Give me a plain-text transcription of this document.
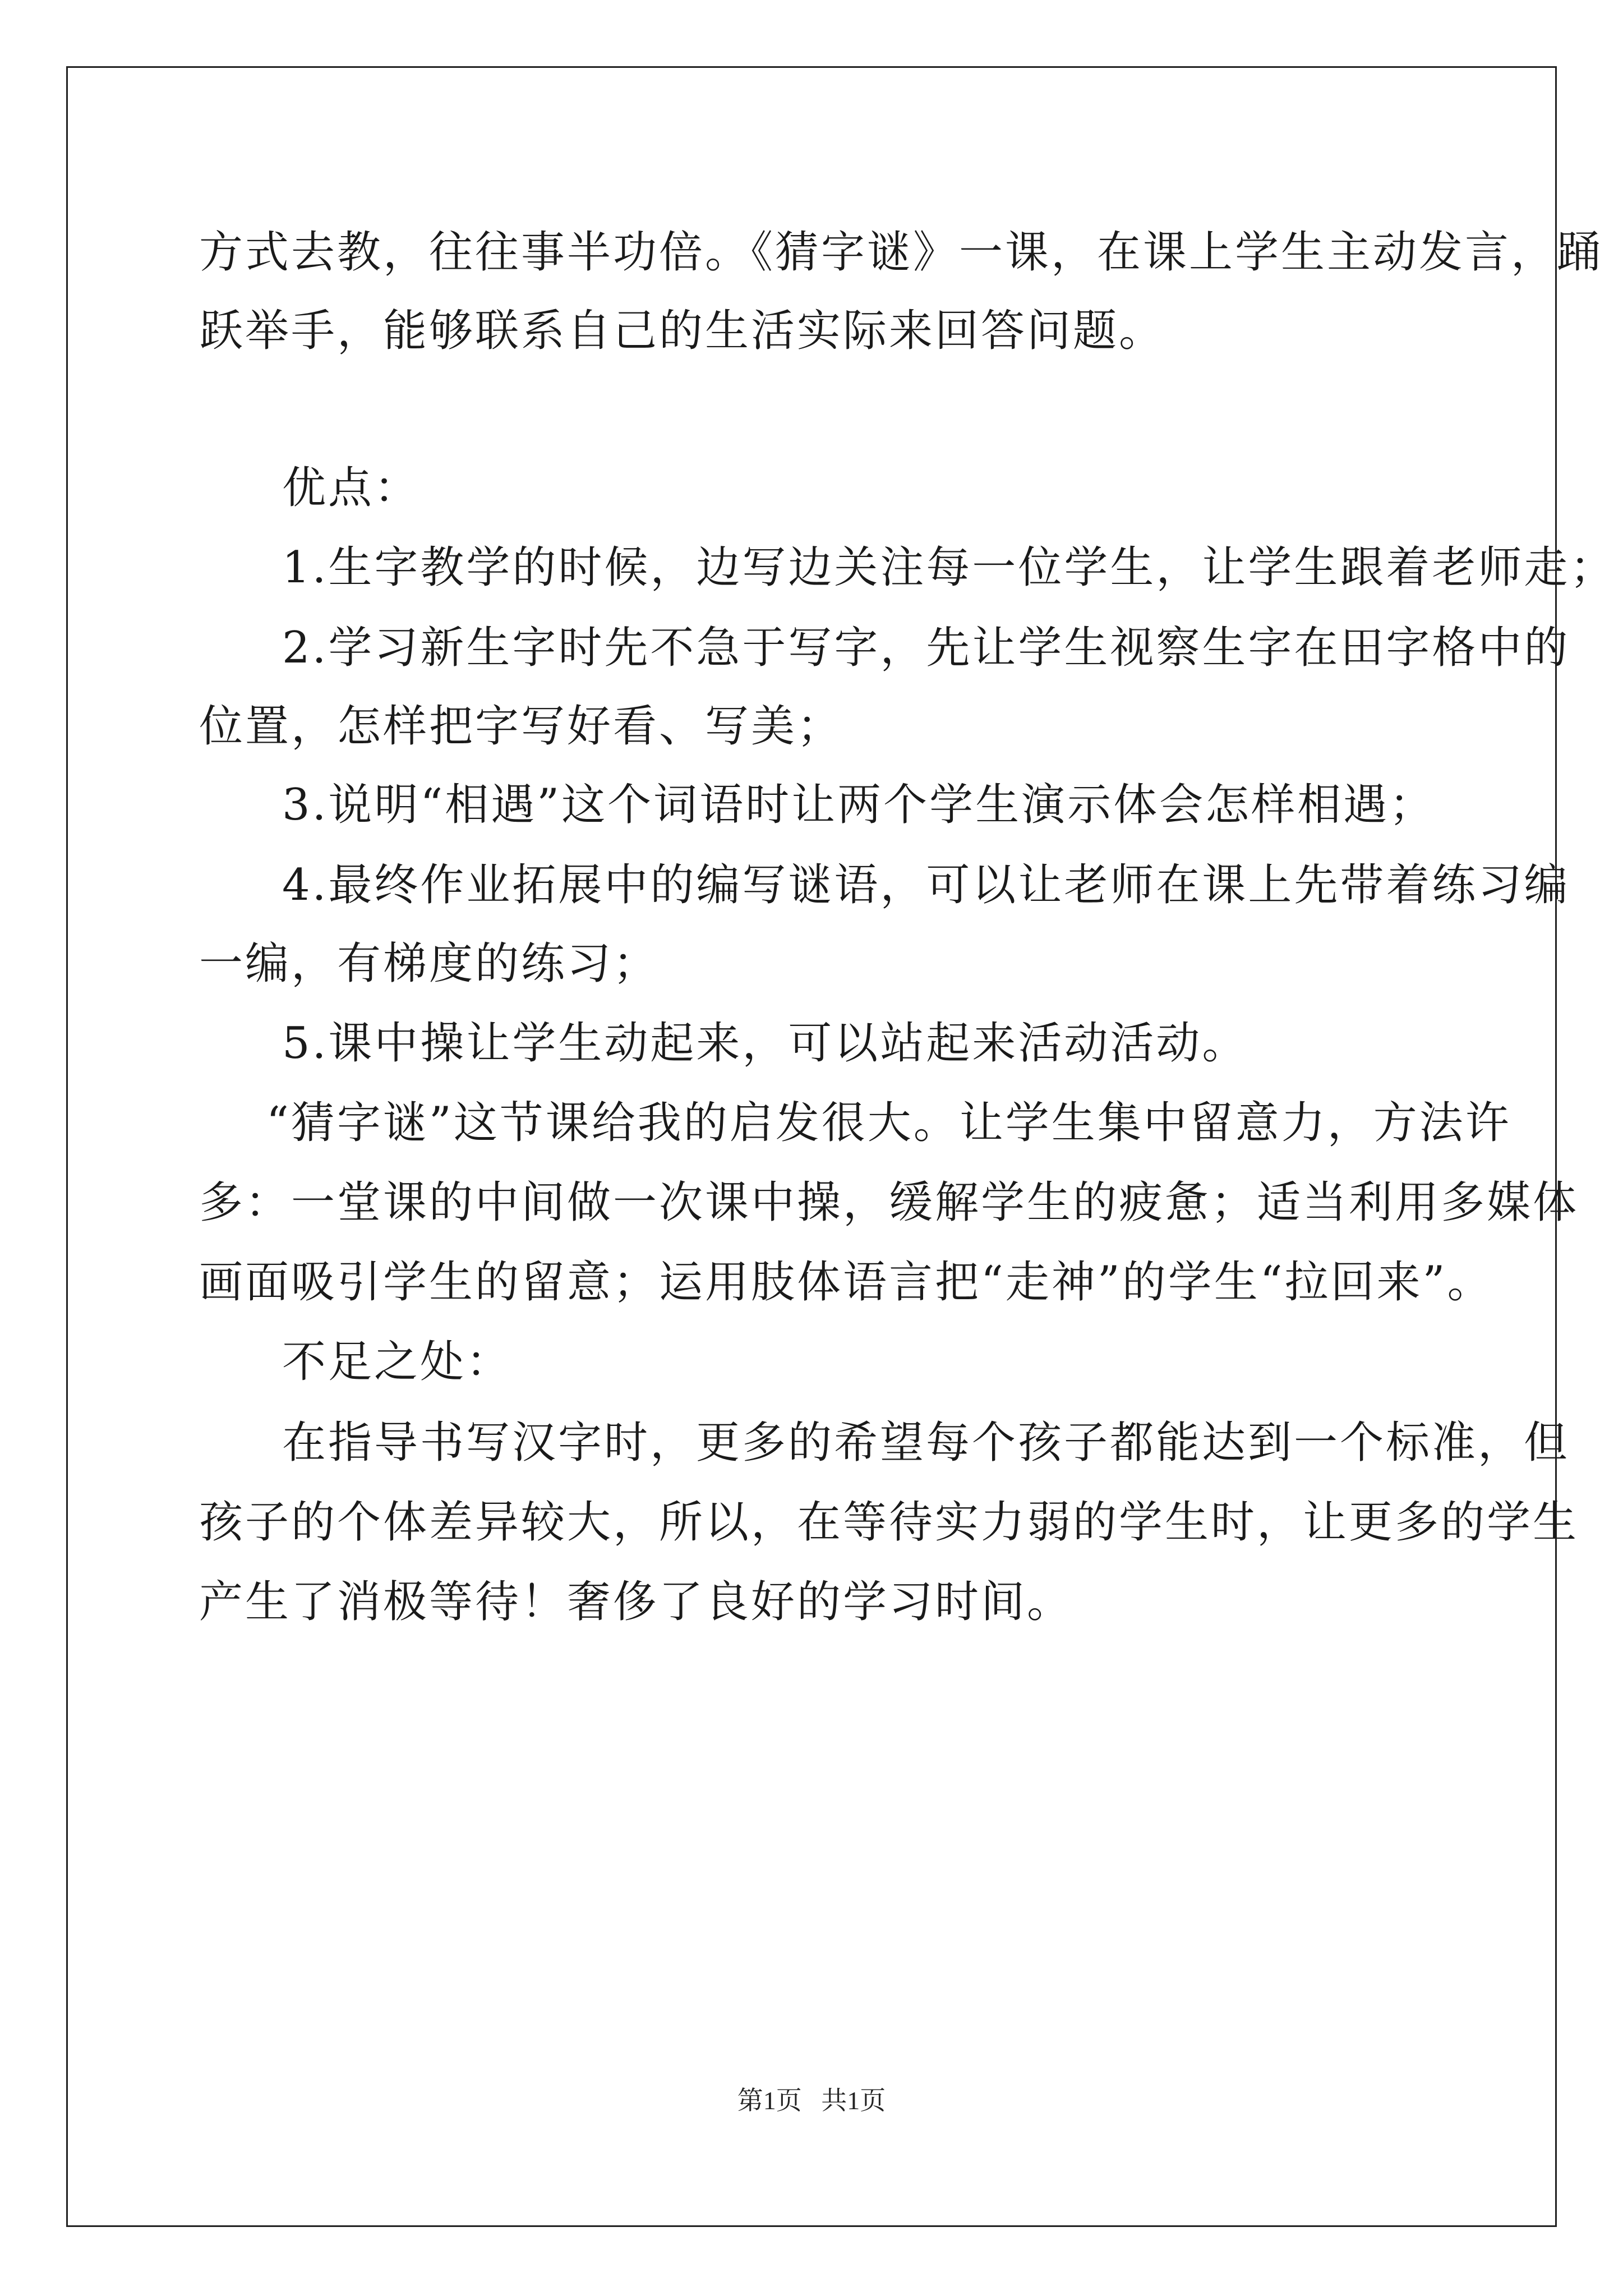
方式去教，往往事半功倍。《猜字谜》一课，在课上学生主动发言，踊
跃举手，能够联系自己的生活实际来回答问题。
优点：
1.生字教学的时候，边写边关注每一位学生，让学生跟着老师走；
2.学习新生字时先不急于写字，先让学生视察生字在田字格中的
位置，怎样把字写好看、写美；
3.说明“相遇”这个词语时让两个学生演示体会怎样相遇；
4.最终作业拓展中的编写谜语，可以让老师在课上先带着练习编
一编，有梯度的练习；
5.课中操让学生动起来，可以站起来活动活动。
“猜字谜”这节课给我的启发很大。让学生集中留意力，方法许
多：一堂课的中间做一次课中操，缓解学生的疲惫；适当利用多媒体
画面吸引学生的留意；运用肢体语言把“走神”的学生“拉回来”。
不足之处：
在指导书写汉字时，更多的希望每个孩子都能达到一个标准，但
孩子的个体差异较大，所以，在等待实力弱的学生时，让更多的学生
产生了消极等待！奢侈了良好的学习时间。
第1页   共1页
